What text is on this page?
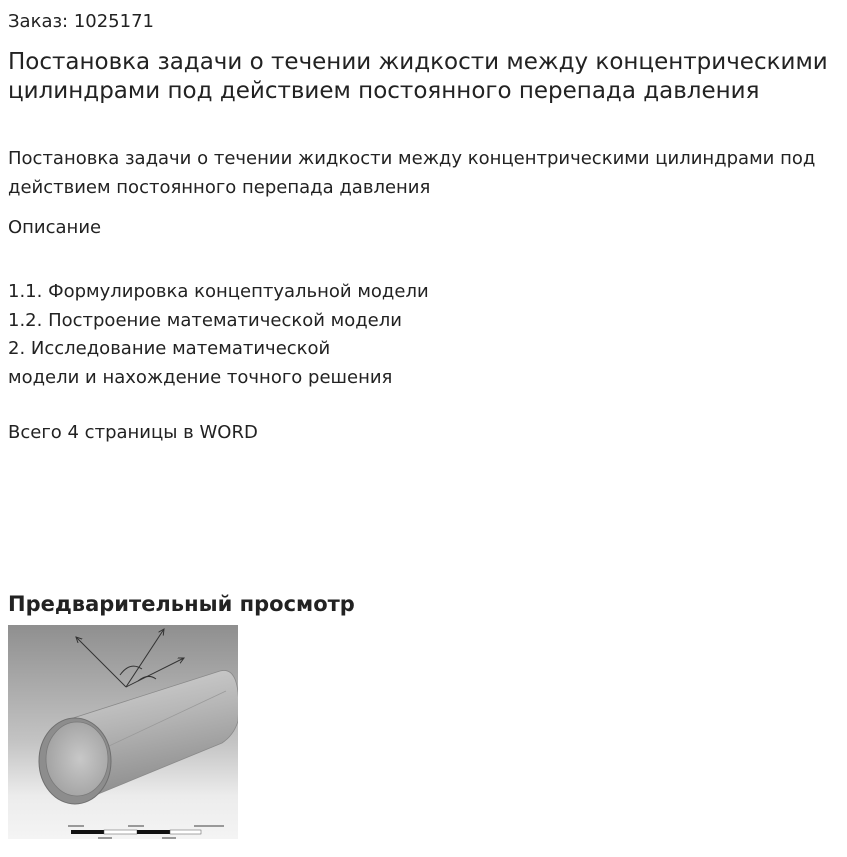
Заказ: 1025171
Постановка задачи о течении жидкости между концентрическими цилиндрами под действием постоянного перепада давления

Постановка задачи о течении жидкости между концентрическими цилиндрами под действием постоянного перепада давления

Описание
1.1. Формулировка концептуальной модели
1.2. Построение математической модели
2. Исследование математической
модели и нахождение точного решения
Всего 4 страницы в WORD
Предварительный просмотр
